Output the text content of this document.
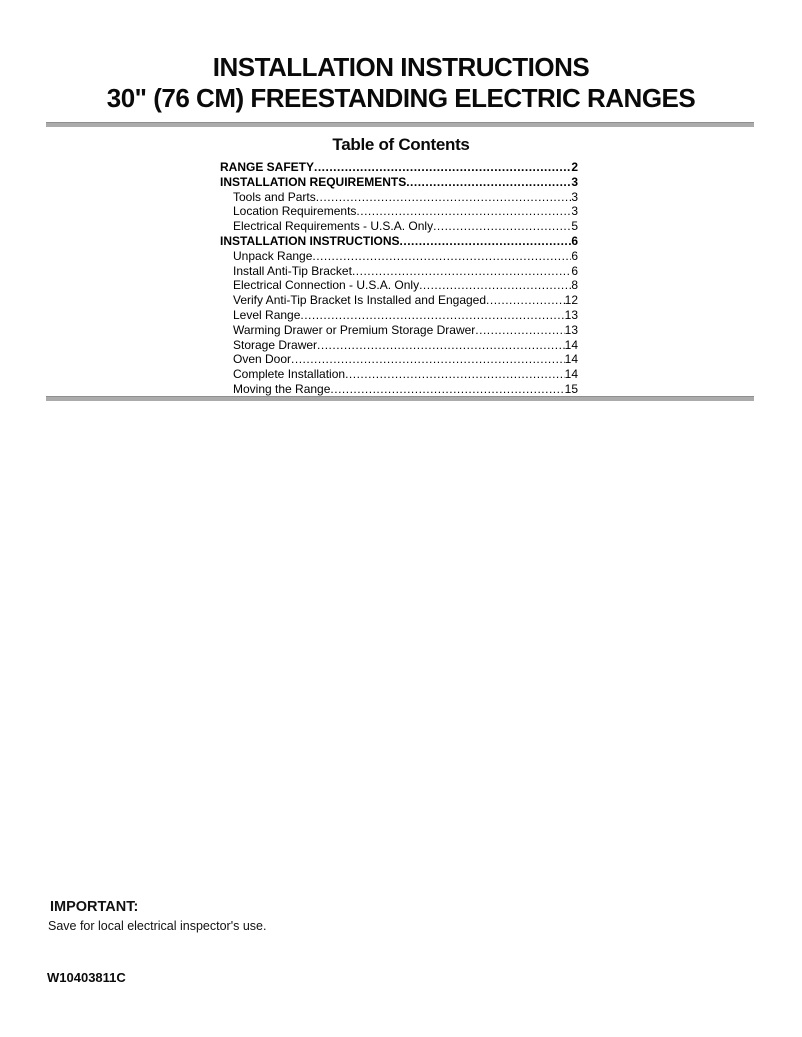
INSTALLATION INSTRUCTIONS
30" (76 CM) FREESTANDING ELECTRIC RANGES
Table of Contents
RANGE SAFETY .....	2
INSTALLATION REQUIREMENTS .....	3
Tools and Parts .....	3
Location Requirements .....	3
Electrical Requirements - U.S.A. Only .....	5
INSTALLATION INSTRUCTIONS .....	6
Unpack Range .....	6
Install Anti-Tip Bracket .....	6
Electrical Connection - U.S.A. Only .....	8
Verify Anti-Tip Bracket Is Installed and Engaged .....	12
Level Range .....	13
Warming Drawer or Premium Storage Drawer .....	13
Storage Drawer .....	14
Oven Door .....	14
Complete Installation .....	14
Moving the Range .....	15
IMPORTANT:
Save for local electrical inspector's use.
W10403811C
